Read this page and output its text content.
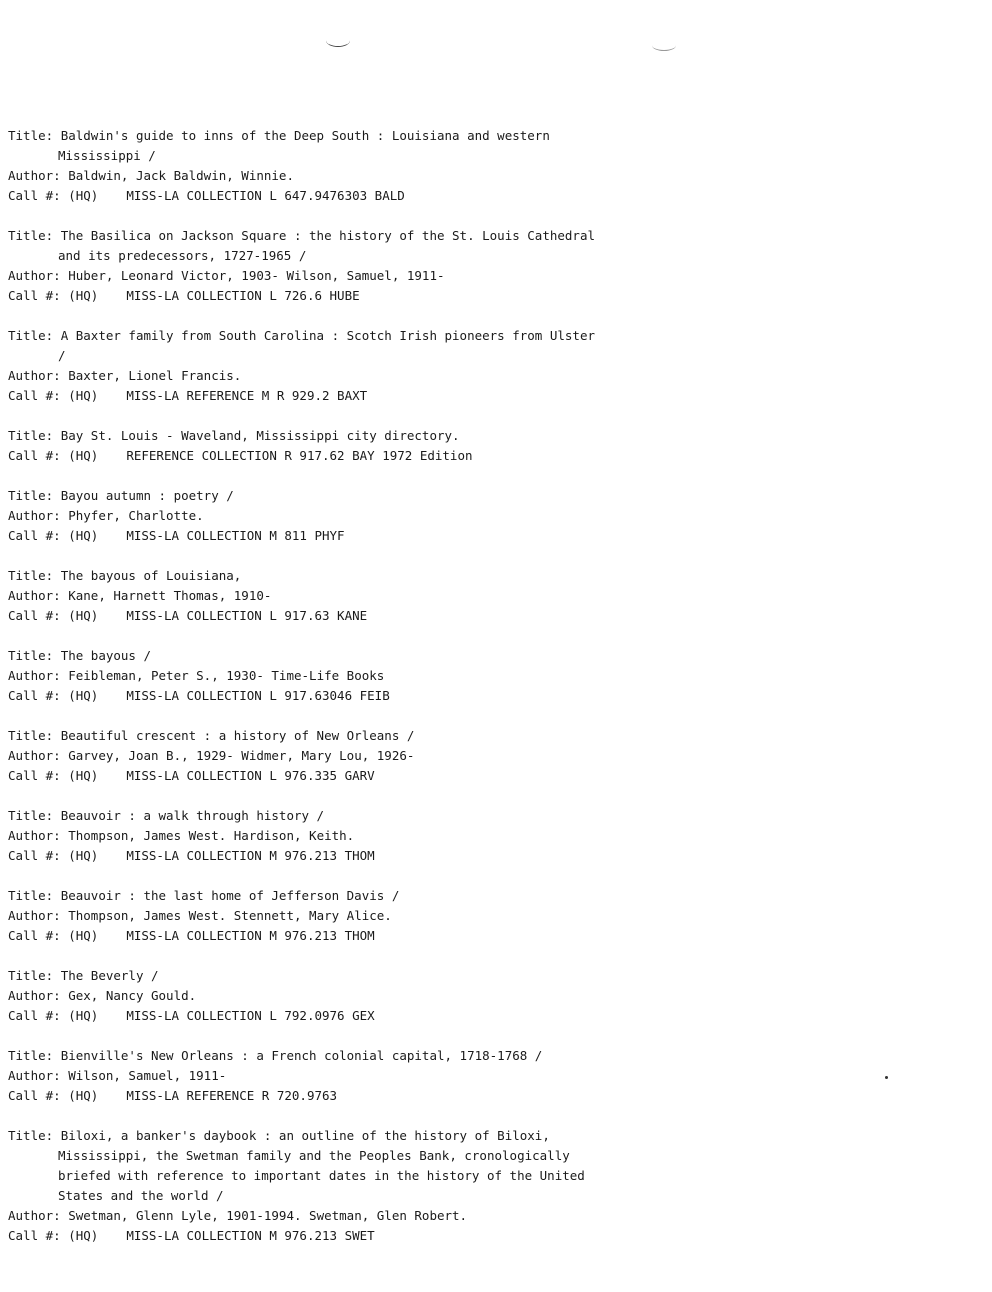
Title: Baldwin's guide to inns of the Deep South : Louisiana and western
Mississippi /
Author: Baldwin, Jack Baldwin, Winnie.
Call #: (HQ) MISS-LA COLLECTION L 647.9476303 BALD
Title: The Basilica on Jackson Square : the history of the St. Louis Cathedral
and its predecessors, 1727-1965 /
Author: Huber, Leonard Victor, 1903- Wilson, Samuel, 1911-
Call #: (HQ) MISS-LA COLLECTION L 726.6 HUBE
Title: A Baxter family from South Carolina : Scotch Irish pioneers from Ulster
/
Author: Baxter, Lionel Francis.
Call #: (HQ) MISS-LA REFERENCE M R 929.2 BAXT
Title: Bay St. Louis - Waveland, Mississippi city directory.
Call #: (HQ) REFERENCE COLLECTION R 917.62 BAY 1972 Edition
Title: Bayou autumn : poetry /
Author: Phyfer, Charlotte.
Call #: (HQ) MISS-LA COLLECTION M 811 PHYF
Title: The bayous of Louisiana,
Author: Kane, Harnett Thomas, 1910-
Call #: (HQ) MISS-LA COLLECTION L 917.63 KANE
Title: The bayous /
Author: Feibleman, Peter S., 1930- Time-Life Books
Call #: (HQ) MISS-LA COLLECTION L 917.63046 FEIB
Title: Beautiful crescent : a history of New Orleans /
Author: Garvey, Joan B., 1929- Widmer, Mary Lou, 1926-
Call #: (HQ) MISS-LA COLLECTION L 976.335 GARV
Title: Beauvoir : a walk through history /
Author: Thompson, James West. Hardison, Keith.
Call #: (HQ) MISS-LA COLLECTION M 976.213 THOM
Title: Beauvoir : the last home of Jefferson Davis /
Author: Thompson, James West. Stennett, Mary Alice.
Call #: (HQ) MISS-LA COLLECTION M 976.213 THOM
Title: The Beverly /
Author: Gex, Nancy Gould.
Call #: (HQ) MISS-LA COLLECTION L 792.0976 GEX
Title: Bienville's New Orleans : a French colonial capital, 1718-1768 /
Author: Wilson, Samuel, 1911-
Call #: (HQ) MISS-LA REFERENCE R 720.9763
Title: Biloxi, a banker's daybook : an outline of the history of Biloxi,
Mississippi, the Swetman family and the Peoples Bank, cronologically
briefed with reference to important dates in the history of the United
States and the world /
Author: Swetman, Glenn Lyle, 1901-1994. Swetman, Glen Robert.
Call #: (HQ) MISS-LA COLLECTION M 976.213 SWET
